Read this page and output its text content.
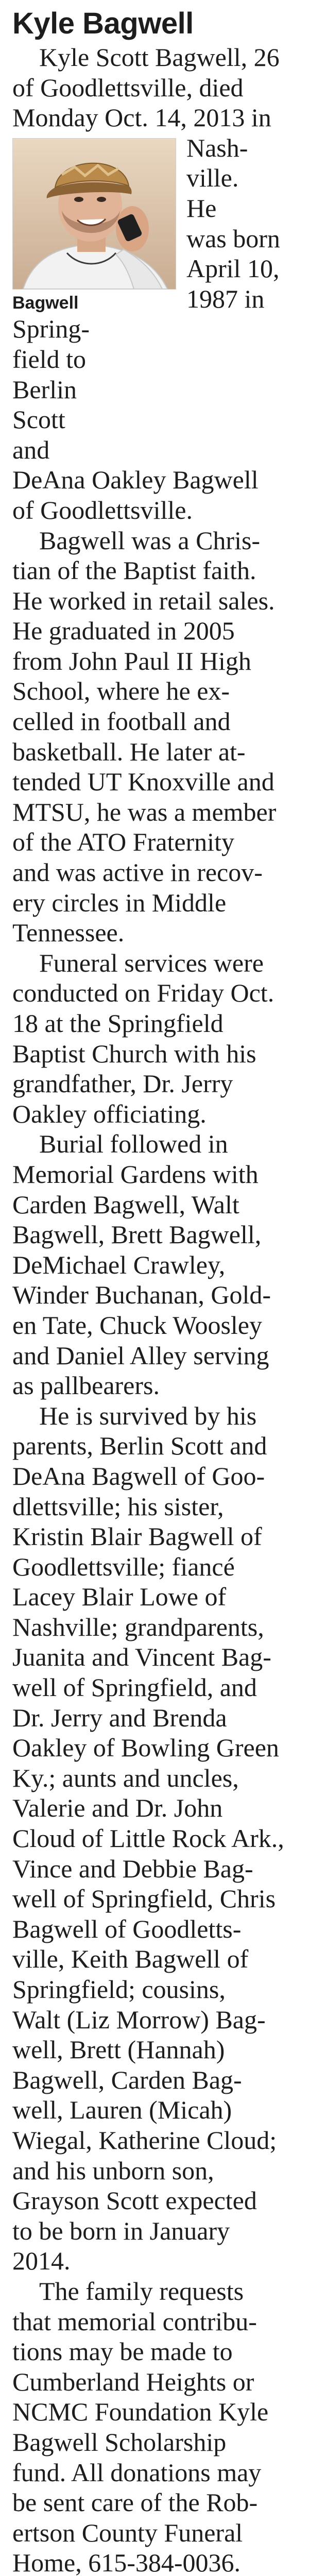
Kyle Bagwell

Kyle Scott Bagwell, 26

of Goodlettsville, died
Monday Oct. 14, 2013 in
Bagwell
Nash-
ville.
He
was born
April 10,
1987 in
Spring-
field to
Berlin
Scott
and
DeAna Oakley Bagwell
of Goodlettsville.
Bagwell was a Chris-
tian of the Baptist faith.
He worked in retail sales.
He graduated in 2005
from John Paul II High
School, where he ex-
celled in football and
basketball. He later at-
tended UT Knoxville and
MTSU, he was a member
of the ATO Fraternity
and was active in recov-
ery circles in Middle
Tennessee.
Funeral services were
conducted on Friday Oct.
18 at the Springfield
Baptist Church with his
grandfather, Dr. Jerry
Oakley officiating.
Burial followed in
Memorial Gardens with
Carden Bagwell, Walt
Bagwell, Brett Bagwell,
DeMichael Crawley,
Winder Buchanan, Gold-
en Tate, Chuck Woosley
and Daniel Alley serving
as pallbearers.
He is survived by his
parents, Berlin Scott and
DeAna Bagwell of Goo-
dlettsville; his sister,
Kristin Blair Bagwell of
Goodlettsville; fiancé
Lacey Blair Lowe of
Nashville; grandparents,
Juanita and Vincent Bag-
well of Springfield, and
Dr. Jerry and Brenda
Oakley of Bowling Green
Ky.; aunts and uncles,
Valerie and Dr. John
Cloud of Little Rock Ark.,
Vince and Debbie Bag-
well of Springfield, Chris
Bagwell of Goodletts-
ville, Keith Bagwell of
Springfield; cousins,
Walt (Liz Morrow) Bag-
well, Brett (Hannah)
Bagwell, Carden Bag-
well, Lauren (Micah)
Wiegal, Katherine Cloud;
and his unborn son,
Grayson Scott expected
to be born in January
2014.
The family requests
that memorial contribu-
tions may be made to
Cumberland Heights or
NCMC Foundation Kyle
Bagwell Scholarship
fund. All donations may
be sent care of the Rob-
ertson County Funeral
Home, 615-384-0036.
